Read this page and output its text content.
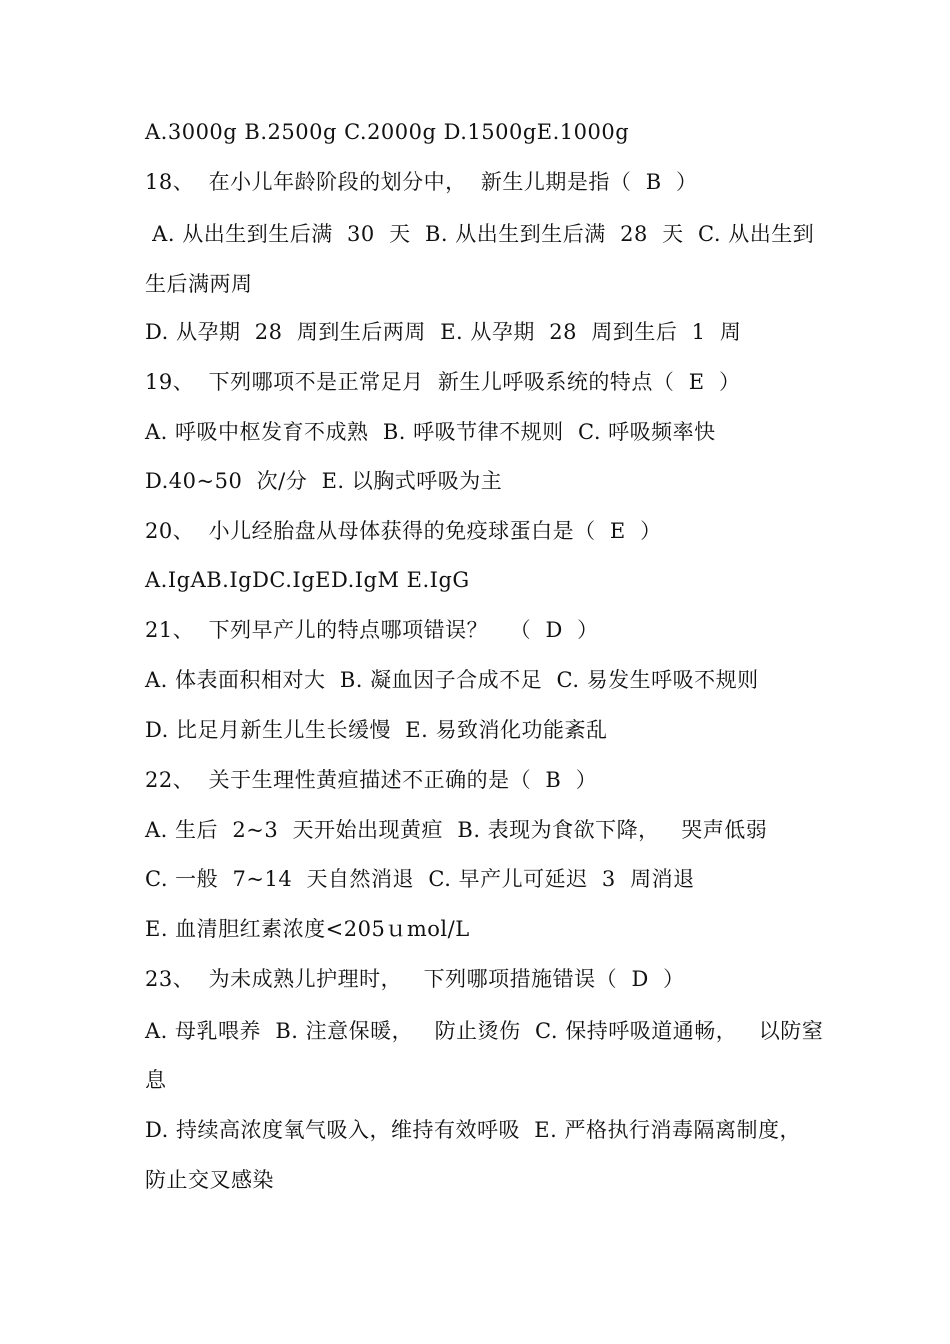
A.3000g B.2500g C.2000g D.1500gE.1000g
18、  在小儿年龄阶段的划分中，  新生儿期是指（  B  ）
A. 从出生到生后满  30  天  B. 从出生到生后满  28  天  C. 从出生到
生后满两周
D. 从孕期  28  周到生后两周  E. 从孕期  28  周到生后  1  周
19、  下列哪项不是正常足月  新生儿呼吸系统的特点（  E  ）
A. 呼吸中枢发育不成熟  B. 呼吸节律不规则  C. 呼吸频率快
D.40~50  次/分  E. 以胸式呼吸为主
20、  小儿经胎盘从母体获得的免疫球蛋白是（  E  ）
A.IgAB.IgDC.IgED.IgM E.IgG
21、  下列早产儿的特点哪项错误？   （  D  ）
A. 体表面积相对大  B. 凝血因子合成不足  C. 易发生呼吸不规则
D. 比足月新生儿生长缓慢  E. 易致消化功能紊乱
22、  关于生理性黄疸描述不正确的是（  B  ）
A. 生后  2~3  天开始出现黄疸  B. 表现为食欲下降，   哭声低弱
C. 一般  7~14  天自然消退  C. 早产儿可延迟  3  周消退
E. 血清胆红素浓度<205ｕmol/L
23、  为未成熟儿护理时，   下列哪项措施错误（  D  ）
A. 母乳喂养  B. 注意保暖，   防止烫伤  C. 保持呼吸道通畅，   以防窒
息
D. 持续高浓度氧气吸入，维持有效呼吸  E. 严格执行消毒隔离制度，
防止交叉感染
